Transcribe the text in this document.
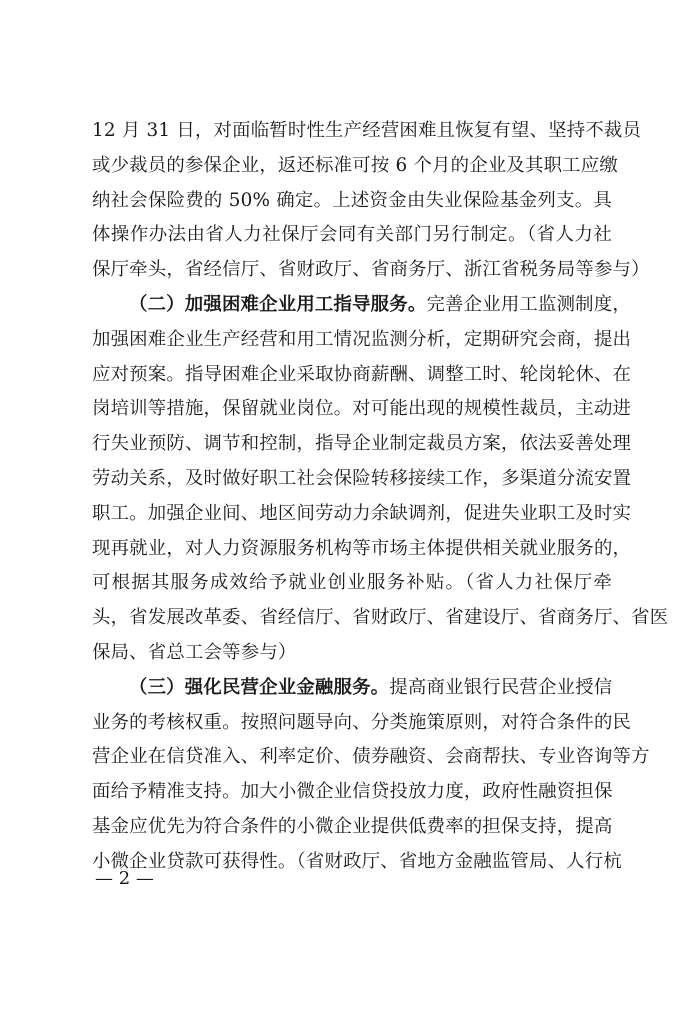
12 月 31 日，对面临暂时性生产经营困难且恢复有望、坚持不裁员
或少裁员的参保企业，返还标准可按 6 个月的企业及其职工应缴
纳社会保险费的 50% 确定。上述资金由失业保险基金列支。具
体操作办法由省人力社保厅会同有关部门另行制定。（省人力社
保厅牵头，省经信厅、省财政厅、省商务厅、浙江省税务局等参与）
（二）加强困难企业用工指导服务。完善企业用工监测制度，
加强困难企业生产经营和用工情况监测分析，定期研究会商，提出
应对预案。指导困难企业采取协商薪酬、调整工时、轮岗轮休、在
岗培训等措施，保留就业岗位。对可能出现的规模性裁员，主动进
行失业预防、调节和控制，指导企业制定裁员方案，依法妥善处理
劳动关系，及时做好职工社会保险转移接续工作，多渠道分流安置
职工。加强企业间、地区间劳动力余缺调剂，促进失业职工及时实
现再就业，对人力资源服务机构等市场主体提供相关就业服务的，
可根据其服务成效给予就业创业服务补贴。（省人力社保厅牵
头，省发展改革委、省经信厅、省财政厅、省建设厅、省商务厅、省医
保局、省总工会等参与）
（三）强化民营企业金融服务。提高商业银行民营企业授信
业务的考核权重。按照问题导向、分类施策原则，对符合条件的民
营企业在信贷准入、利率定价、债券融资、会商帮扶、专业咨询等方
面给予精准支持。加大小微企业信贷投放力度，政府性融资担保
基金应优先为符合条件的小微企业提供低费率的担保支持，提高
小微企业贷款可获得性。（省财政厅、省地方金融监管局、人行杭
— 2 —
